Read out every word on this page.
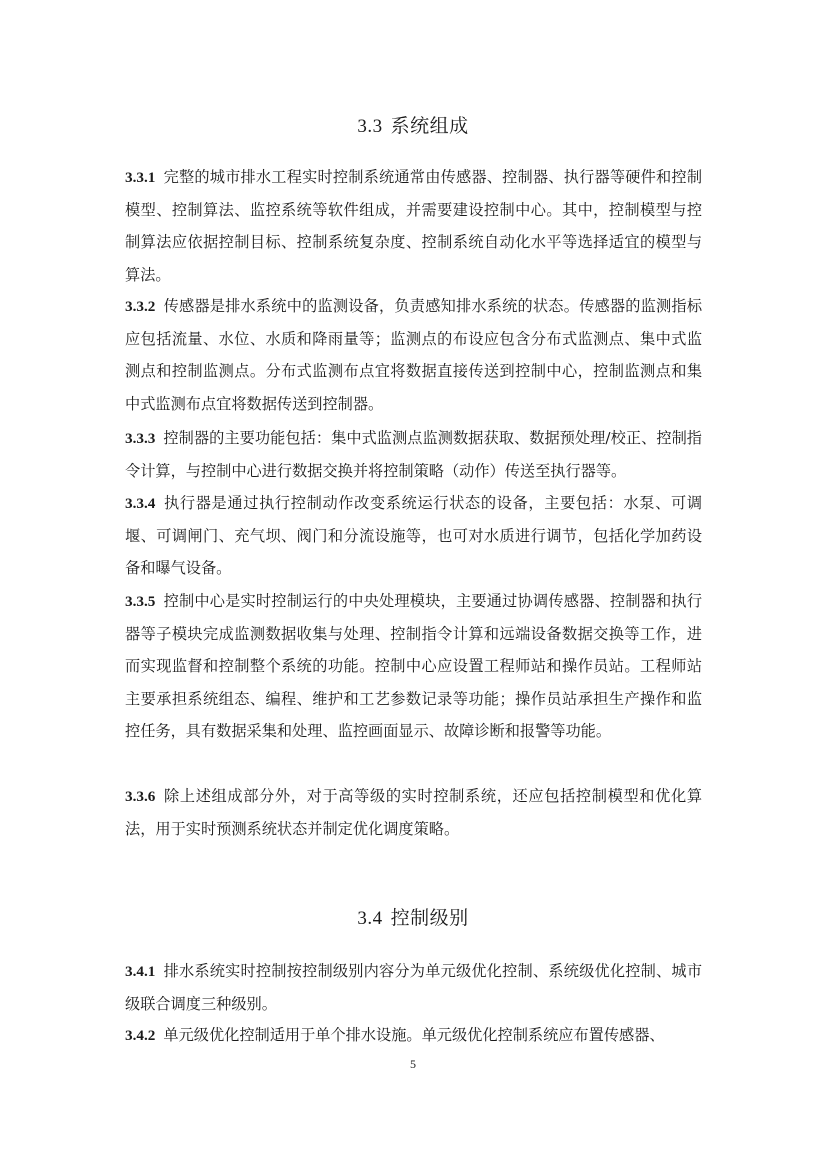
3.3 系统组成
3.3.1 完整的城市排水工程实时控制系统通常由传感器、控制器、执行器等硬件和控制模型、控制算法、监控系统等软件组成，并需要建设控制中心。其中，控制模型与控制算法应依据控制目标、控制系统复杂度、控制系统自动化水平等选择适宜的模型与算法。
3.3.2 传感器是排水系统中的监测设备，负责感知排水系统的状态。传感器的监测指标应包括流量、水位、水质和降雨量等；监测点的布设应包含分布式监测点、集中式监测点和控制监测点。分布式监测布点宜将数据直接传送到控制中心，控制监测点和集中式监测布点宜将数据传送到控制器。
3.3.3 控制器的主要功能包括：集中式监测点监测数据获取、数据预处理/校正、控制指令计算，与控制中心进行数据交换并将控制策略（动作）传送至执行器等。
3.3.4 执行器是通过执行控制动作改变系统运行状态的设备，主要包括：水泵、可调堰、可调闸门、充气坝、阀门和分流设施等，也可对水质进行调节，包括化学加药设备和曝气设备。
3.3.5 控制中心是实时控制运行的中央处理模块，主要通过协调传感器、控制器和执行器等子模块完成监测数据收集与处理、控制指令计算和远端设备数据交换等工作，进而实现监督和控制整个系统的功能。控制中心应设置工程师站和操作员站。工程师站主要承担系统组态、编程、维护和工艺参数记录等功能；操作员站承担生产操作和监控任务，具有数据采集和处理、监控画面显示、故障诊断和报警等功能。
3.3.6 除上述组成部分外，对于高等级的实时控制系统，还应包括控制模型和优化算法，用于实时预测系统状态并制定优化调度策略。
3.4 控制级别
3.4.1 排水系统实时控制按控制级别内容分为单元级优化控制、系统级优化控制、城市级联合调度三种级别。
3.4.2 单元级优化控制适用于单个排水设施。单元级优化控制系统应布置传感器、
5
